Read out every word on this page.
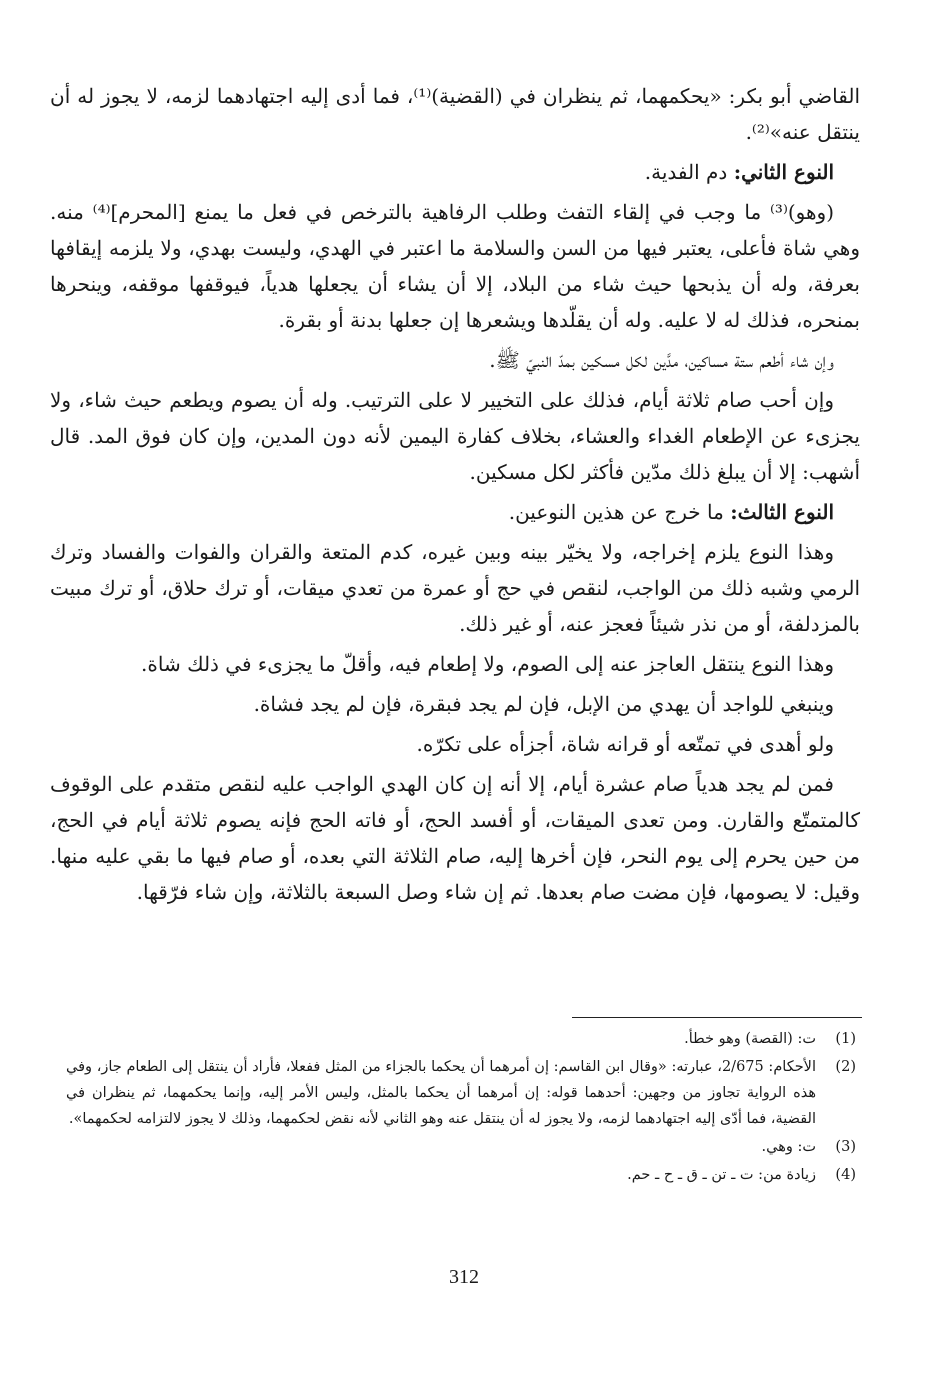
القاضي أبو بكر: «يحكمهما، ثم ينظران في (القضية)⁽¹⁾، فما أدى إليه اجتهادهما لزمه، لا يجوز له أن ينتقل عنه»⁽²⁾.

النوع الثاني: دم الفدية.

(وهو)⁽³⁾ ما وجب في إلقاء التفث وطلب الرفاهية بالترخص في فعل ما يمنع [المحرم]⁽⁴⁾ منه. وهي شاة فأعلى، يعتبر فيها من السن والسلامة ما اعتبر في الهدي، وليست بهدي، ولا يلزمه إيقافها بعرفة، وله أن يذبحها حيث شاء من البلاد، إلا أن يشاء أن يجعلها هدياً، فيوقفها موقفه، وينحرها بمنحره، فذلك له لا عليه. وله أن يقلّدها ويشعرها إن جعلها بدنة أو بقرة.

وإن شاء أطعم ستة مساكين، مدَّين لكل مسكين بمدّ النبيّ ﷺ.

وإن أحب صام ثلاثة أيام، فذلك على التخيير لا على الترتيب. وله أن يصوم ويطعم حيث شاء، ولا يجزىء عن الإطعام الغداء والعشاء، بخلاف كفارة اليمين لأنه دون المدين، وإن كان فوق المد. قال أشهب: إلا أن يبلغ ذلك مدّين فأكثر لكل مسكين.

النوع الثالث: ما خرج عن هذين النوعين.

وهذا النوع يلزم إخراجه، ولا يخيّر بينه وبين غيره، كدم المتعة والقران والفوات والفساد وترك الرمي وشبه ذلك من الواجب، لنقص في حج أو عمرة من تعدي ميقات، أو ترك حلاق، أو ترك مبيت بالمزدلفة، أو من نذر شيئاً فعجز عنه، أو غير ذلك.

وهذا النوع ينتقل العاجز عنه إلى الصوم، ولا إطعام فيه، وأقلّ ما يجزىء في ذلك شاة.

وينبغي للواجد أن يهدي من الإبل، فإن لم يجد فبقرة، فإن لم يجد فشاة.

ولو أهدى في تمتّعه أو قرانه شاة، أجزأه على تكرّه.

فمن لم يجد هدياً صام عشرة أيام، إلا أنه إن كان الهدي الواجب عليه لنقص متقدم على الوقوف كالمتمتّع والقارن. ومن تعدى الميقات، أو أفسد الحج، أو فاته الحج فإنه يصوم ثلاثة أيام في الحج، من حين يحرم إلى يوم النحر، فإن أخرها إليه، صام الثلاثة التي بعده، أو صام فيها ما بقي عليه منها. وقيل: لا يصومها، فإن مضت صام بعدها. ثم إن شاء وصل السبعة بالثلاثة، وإن شاء فرّقها.

(1)
ت: (القصة) وهو خطأ.
(2)
الأحكام: 2/675، عبارته: «وقال ابن القاسم: إن أمرهما أن يحكما بالجزاء من المثل ففعلا، فأراد أن ينتقل إلى الطعام جاز، وفي هذه الرواية تجاوز من وجهين: أحدهما قوله: إن أمرهما أن يحكما بالمثل، وليس الأمر إليه، وإنما يحكمهما، ثم ينظران في القضية، فما أدّى إليه اجتهادهما لزمه، ولا يجوز له أن ينتقل عنه وهو الثاني لأنه نقض لحكمهما، وذلك لا يجوز لالتزامه لحكمهما».
(3)
ت: وهي.
(4)
زيادة من: ت ـ تن ـ ق ـ ح ـ حم.
312
